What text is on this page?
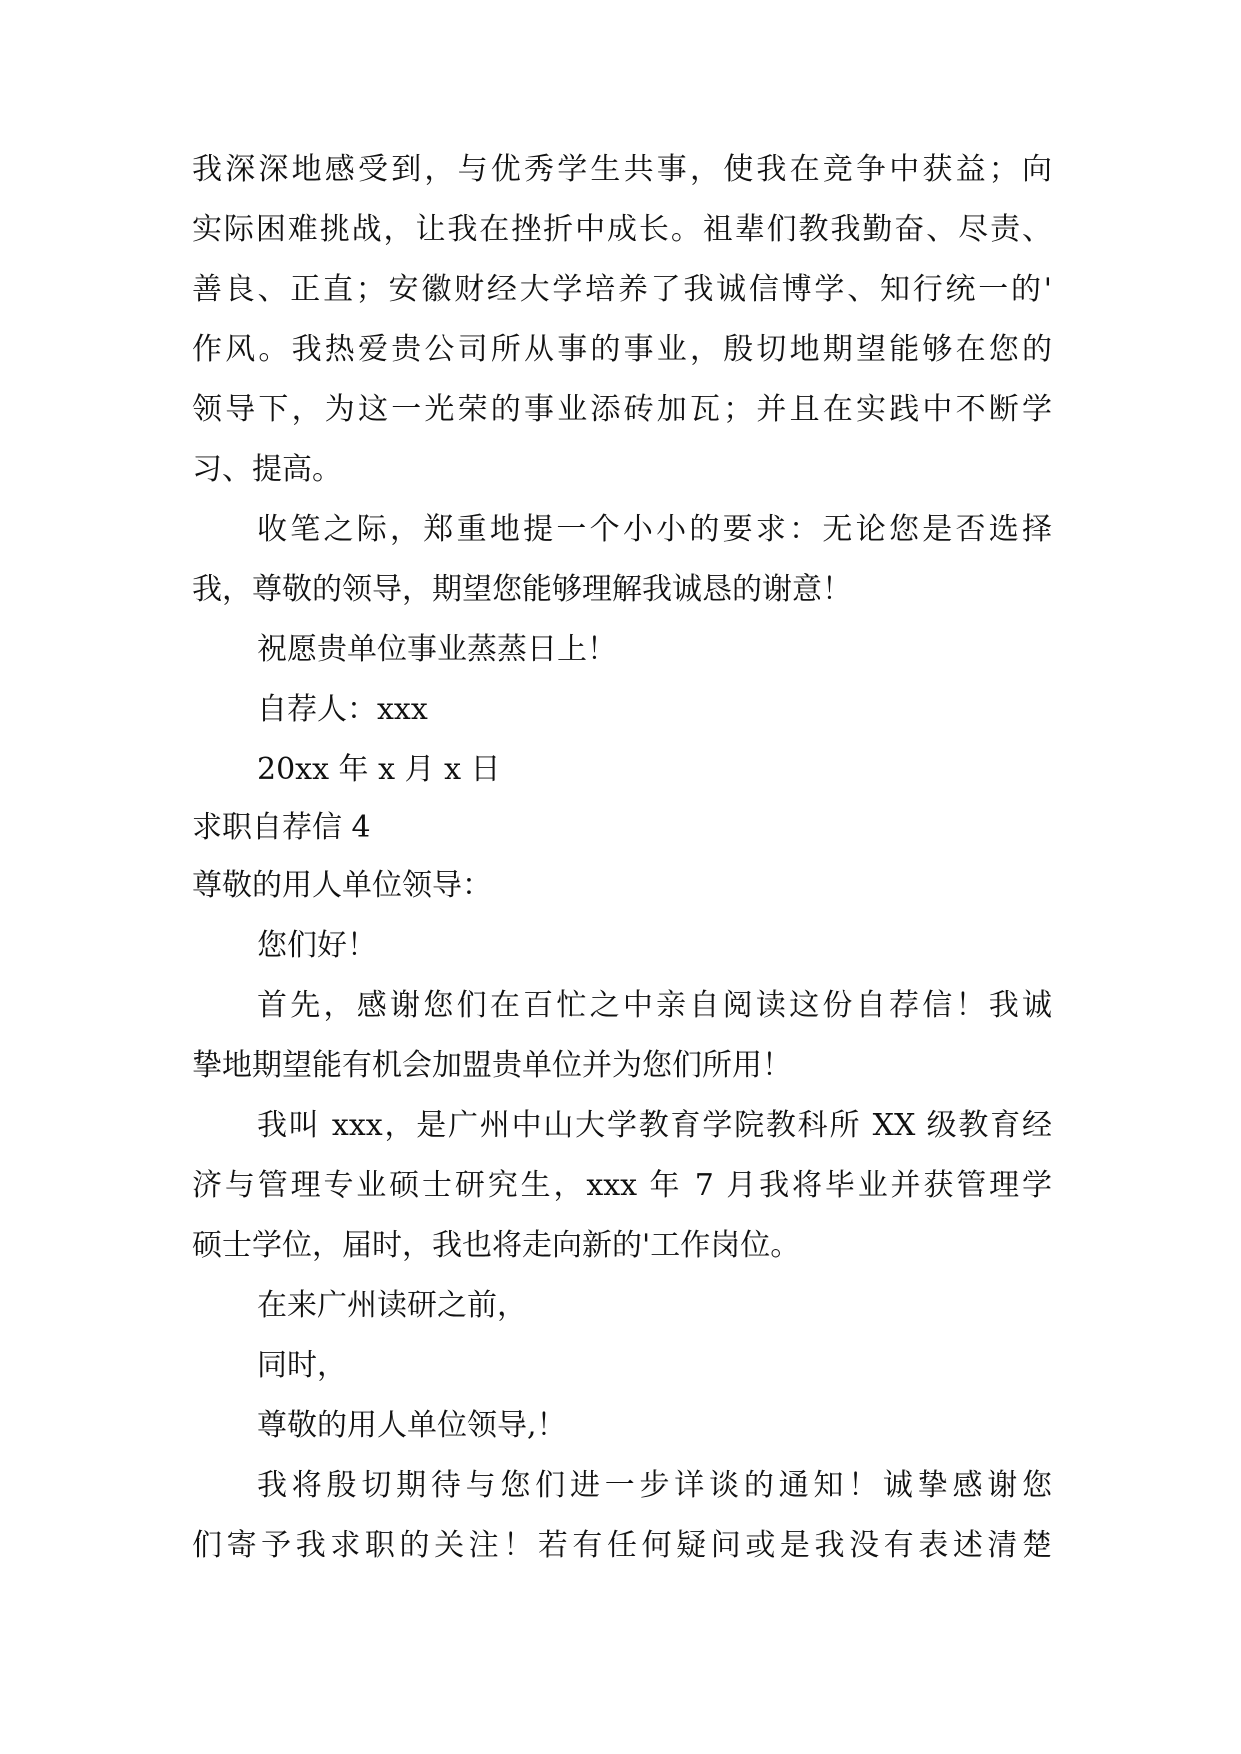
我深深地感受到，与优秀学生共事，使我在竞争中获益；向

实际困难挑战，让我在挫折中成长。祖辈们教我勤奋、尽责、

善良、正直；安徽财经大学培养了我诚信博学、知行统一的'

作风。我热爱贵公司所从事的事业，殷切地期望能够在您的

领导下，为这一光荣的事业添砖加瓦；并且在实践中不断学

习、提高。

收笔之际，郑重地提一个小小的要求：无论您是否选择

我，尊敬的领导，期望您能够理解我诚恳的谢意！

祝愿贵单位事业蒸蒸日上！

自荐人：xxx

20xx 年 x 月 x 日

求职自荐信 4

尊敬的用人单位领导：

您们好！

首先，感谢您们在百忙之中亲自阅读这份自荐信！我诚

挚地期望能有机会加盟贵单位并为您们所用！

我叫 xxx，是广州中山大学教育学院教科所 XX 级教育经

济与管理专业硕士研究生，xxx 年 7 月我将毕业并获管理学

硕士学位，届时，我也将走向新的'工作岗位。

在来广州读研之前，

同时，

尊敬的用人单位领导,！

我将殷切期待与您们进一步详谈的通知！诚挚感谢您

们寄予我求职的关注！若有任何疑问或是我没有表述清楚
